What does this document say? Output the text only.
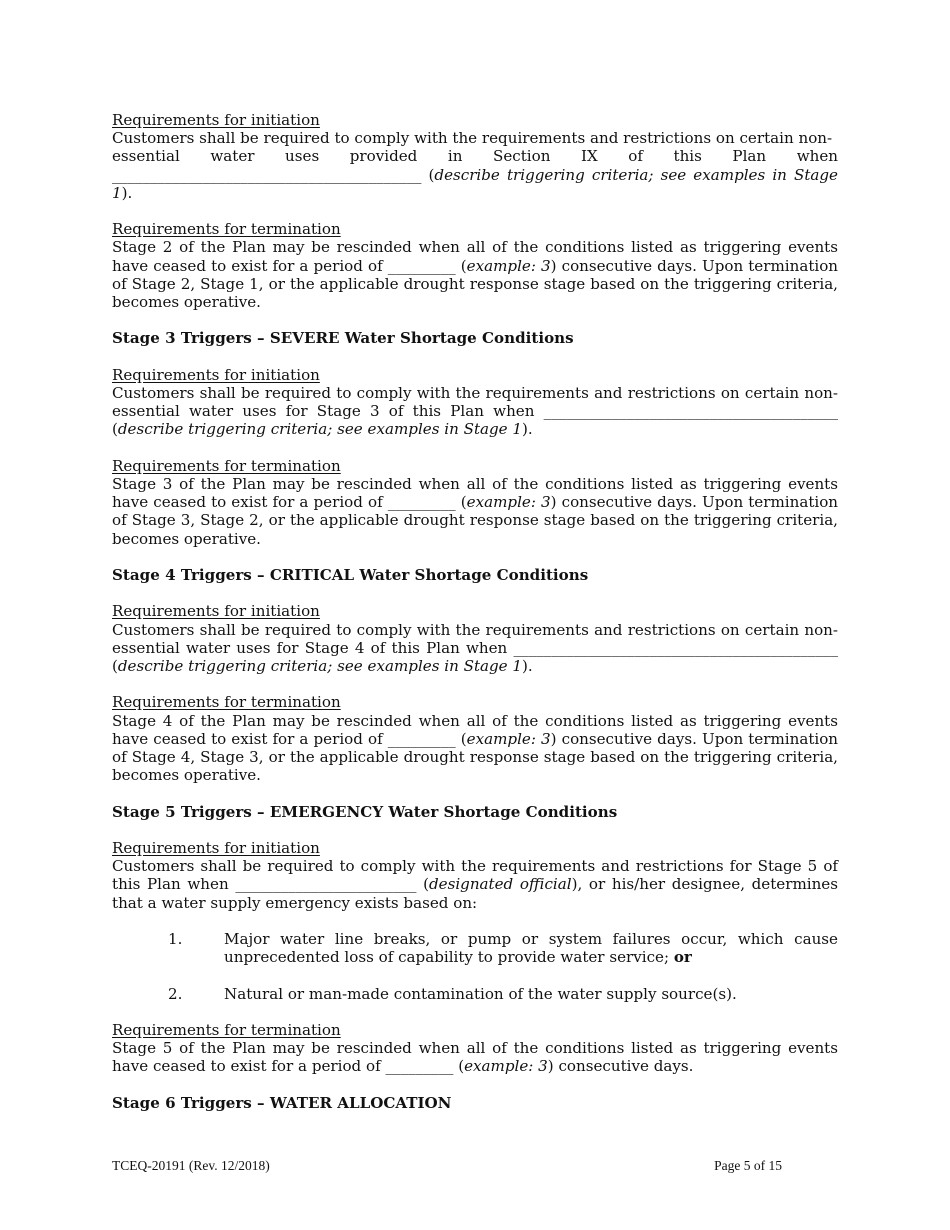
Requirements for initiation

Customers shall be required to comply with the requirements and restrictions on certain non-

essential water uses provided in Section IX of this Plan when

_________________________________________ (describe triggering criteria; see examples in Stage 1).

Requirements for termination

Stage 2 of the Plan may be rescinded when all of the conditions listed as triggering events have ceased to exist for a period of _________ (example: 3) consecutive days. Upon termination of Stage 2, Stage 1, or the applicable drought response stage based on the triggering criteria, becomes operative.

Stage 3 Triggers – SEVERE Water Shortage Conditions

Requirements for initiation

Customers shall be required to comply with the requirements and restrictions on certain non-essential water uses for Stage 3 of this Plan when _______________________________________ (describe triggering criteria; see examples in Stage 1).

Requirements for termination

Stage 3 of the Plan may be rescinded when all of the conditions listed as triggering events have ceased to exist for a period of _________ (example: 3) consecutive days. Upon termination of Stage 3, Stage 2, or the applicable drought response stage based on the triggering criteria, becomes operative.

Stage 4 Triggers – CRITICAL Water Shortage Conditions

Requirements for initiation

Customers shall be required to comply with the requirements and restrictions on certain non-essential water uses for Stage 4 of this Plan when ___________________________________________ (describe triggering criteria; see examples in Stage 1).

Requirements for termination

Stage 4 of the Plan may be rescinded when all of the conditions listed as triggering events have ceased to exist for a period of _________ (example: 3) consecutive days. Upon termination of Stage 4, Stage 3, or the applicable drought response stage based on the triggering criteria, becomes operative.

Stage 5 Triggers – EMERGENCY Water Shortage Conditions

Requirements for initiation

Customers shall be required to comply with the requirements and restrictions for Stage 5 of this Plan when ________________________ (designated official), or his/her designee, determines that a water supply emergency exists based on:

1.	Major water line breaks, or pump or system failures occur, which cause unprecedented loss of capability to provide water service; or

2.	Natural or man-made contamination of the water supply source(s).

Requirements for termination

Stage 5 of the Plan may be rescinded when all of the conditions listed as triggering events have ceased to exist for a period of _________ (example: 3) consecutive days.

Stage 6 Triggers – WATER ALLOCATION

TCEQ-20191 (Rev. 12/2018)	Page 5 of 15
